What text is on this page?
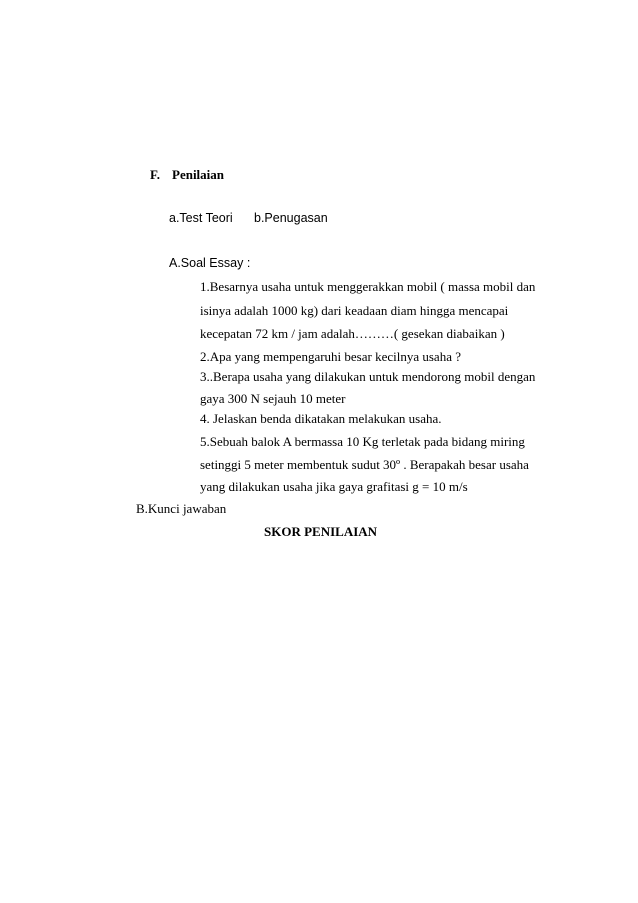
F. Penilaian
a.Test Teori b.Penugasan
A.Soal Essay :
1.Besarnya usaha untuk menggerakkan mobil ( massa mobil dan
isinya adalah 1000 kg) dari keadaan diam hingga mencapai
kecepatan 72 km / jam adalah………( gesekan diabaikan )
2.Apa yang mempengaruhi besar kecilnya usaha ?
3..Berapa usaha yang dilakukan untuk mendorong mobil dengan
gaya 300 N sejauh 10 meter
4. Jelaskan benda dikatakan melakukan usaha.
5.Sebuah balok A bermassa 10 Kg terletak pada bidang miring
setinggi 5 meter membentuk sudut 30º . Berapakah besar usaha
yang dilakukan usaha jika gaya grafitasi g = 10 m/s
B.Kunci jawaban
SKOR PENILAIAN
